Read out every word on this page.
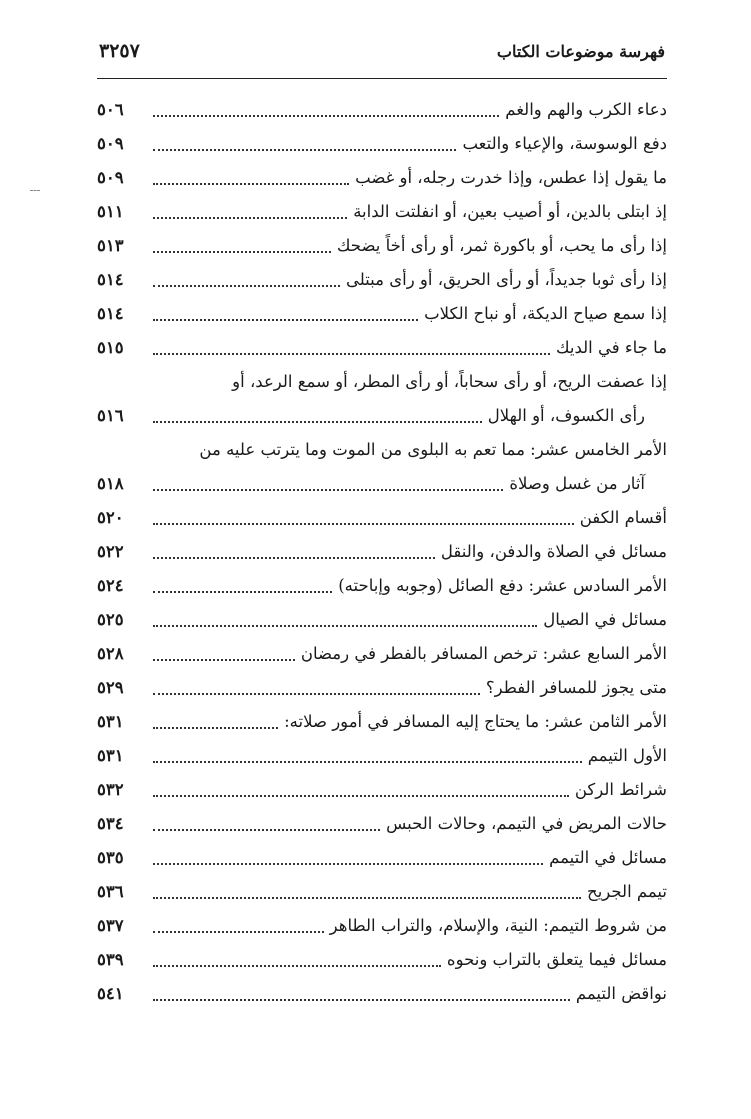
فهرسة موضوعات الكتاب
٣٢٥٧
دعاء الكرب والهم والغم
٥٠٦
دفع الوسوسة، والإعياء والتعب
٥٠٩
ما يقول إذا عطس، وإذا خدرت رجله، أو غضب
٥٠٩
إذ ابتلى بالدين، أو أصيب بعين، أو انفلتت الدابة
٥١١
إذا رأى ما يحب، أو باكورة ثمر، أو رأى أخاً يضحك
٥١٣
إذا رأى ثوبا جديداً، أو رأى الحريق، أو رأى مبتلى
٥١٤
إذا سمع صياح الديكة، أو نباح الكلاب
٥١٤
ما جاء في الديك
٥١٥
إذا عصفت الريح، أو رأى سحاباً، أو رأى المطر، أو سمع الرعد، أو
رأى الكسوف، أو الهلال
٥١٦
الأمر الخامس عشر: مما تعم به البلوى من الموت وما يترتب عليه من
آثار من غسل وصلاة
٥١٨
أقسام الكفن
٥٢٠
مسائل في الصلاة والدفن، والنقل
٥٢٢
الأمر السادس عشر: دفع الصائل (وجوبه وإباحته)
٥٢٤
مسائل في الصيال
٥٢٥
الأمر السابع عشر: ترخص المسافر بالفطر في رمضان
٥٢٨
متى يجوز للمسافر الفطر؟
٥٢٩
الأمر الثامن عشر: ما يحتاج إليه المسافر في أمور صلاته:
٥٣١
الأول التيمم
٥٣١
شرائط الركن
٥٣٢
حالات المريض في التيمم، وحالات الحبس
٥٣٤
مسائل في التيمم
٥٣٥
تيمم الجريح
٥٣٦
من شروط التيمم: النية، والإسلام، والتراب الطاهر
٥٣٧
مسائل فيما يتعلق بالتراب ونحوه
٥٣٩
نواقض التيمم
٥٤١
